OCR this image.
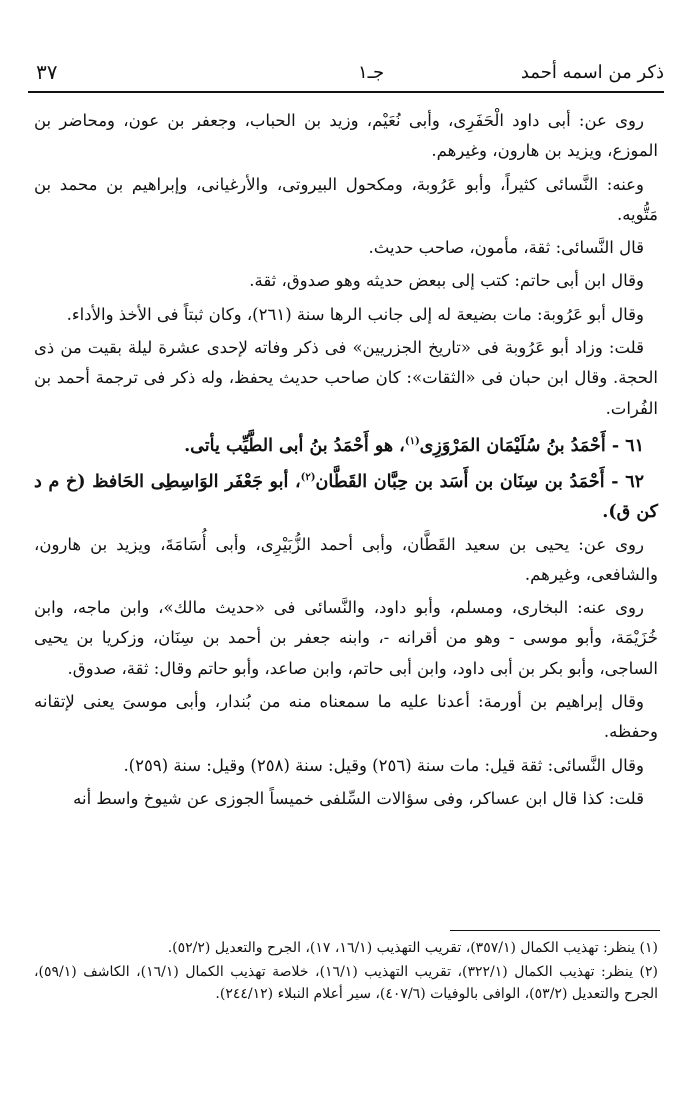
ذكر من اسمه أحمد
جـ١
٣٧

روى عن: أبى داود الْحَفَرِى، وأبى نُعَيْم، وزيد بن الحباب، وجعفر بن عون، ومحاضر بن الموزع، ويزيد بن هارون، وغيرهم.

وعنه: النَّسائى كثيراً، وأبو عَرُوبة، ومكحول البيروتى، والأرغيانى، وإبراهيم بن محمد بن مَتُّويه.

قال النَّسائى: ثقة، مأمون، صاحب حديث.

وقال ابن أبى حاتم: كتب إلى ببعض حديثه وهو صدوق، ثقة.

وقال أبو عَرُوبة: مات بضيعة له إلى جانب الرها سنة (٢٦١)، وكان ثبتاً فى الأخذ والأداء.

قلت: وزاد أبو عَرُوبة فى «تاريخ الجزريين» فى ذكر وفاته لإحدى عشرة ليلة بقيت من ذى الحجة. وقال ابن حبان فى «الثقات»: كان صاحب حديث يحفظ، وله ذكر فى ترجمة أحمد بن الفُرات.

٦١ - أَحْمَدُ بنُ سُلَيْمَان المَرْوَزِى$^{(١)}$، هو أَحْمَدُ بنُ أبى الطَّيِّب يأتى.

٦٢ - أَحْمَدُ بن سِنَان بن أَسَد بن حِبَّان القَطَّان$^{(٢)}$، أبو جَعْفَر الوَاسِطِى الحَافظ (خ م د كن ق).

روى عن: يحيى بن سعيد القَطَّان، وأبى أحمد الزُّبَيْرِى، وأبى أُسَامَةَ، ويزيد بن هارون، والشافعى، وغيرهم.

روى عنه: البخارى، ومسلم، وأبو داود، والنَّسائى فى «حديث مالك»، وابن ماجه، وابن خُزَيْمَة، وأبو موسى - وهو من أقرانه -، وابنه جعفر بن أحمد بن سِنَان، وزكريا بن يحيى الساجى، وأبو بكر بن أبى داود، وابن أبى حاتم، وابن صاعد، وأبو حاتم وقال: ثقة، صدوق.

وقال إبراهيم بن أورمة: أعدنا عليه ما سمعناه منه من بُندار، وأبى موسىَ يعنى لإتقانه وحفظه.

وقال النَّسائى: ثقة قيل: مات سنة (٢٥٦) وقيل: سنة (٢٥٨) وقيل: سنة (٢٥٩).

قلت: كذا قال ابن عساكر، وفى سؤالات السِّلفى خميساً الجوزى عن شيوخ واسط أنه

(١) ينظر: تهذيب الكمال (٣٥٧/١)، تقريب التهذيب (١٦/١، ١٧)، الجرح والتعديل (٥٢/٢).

(٢) ينظر: تهذيب الكمال (٣٢٢/١)، تقريب التهذيب (١٦/١)، خلاصة تهذيب الكمال (١٦/١)، الكاشف (٥٩/١)، الجرح والتعديل (٥٣/٢)، الوافى بالوفيات (٤٠٧/٦)، سير أعلام النبلاء (٢٤٤/١٢).
